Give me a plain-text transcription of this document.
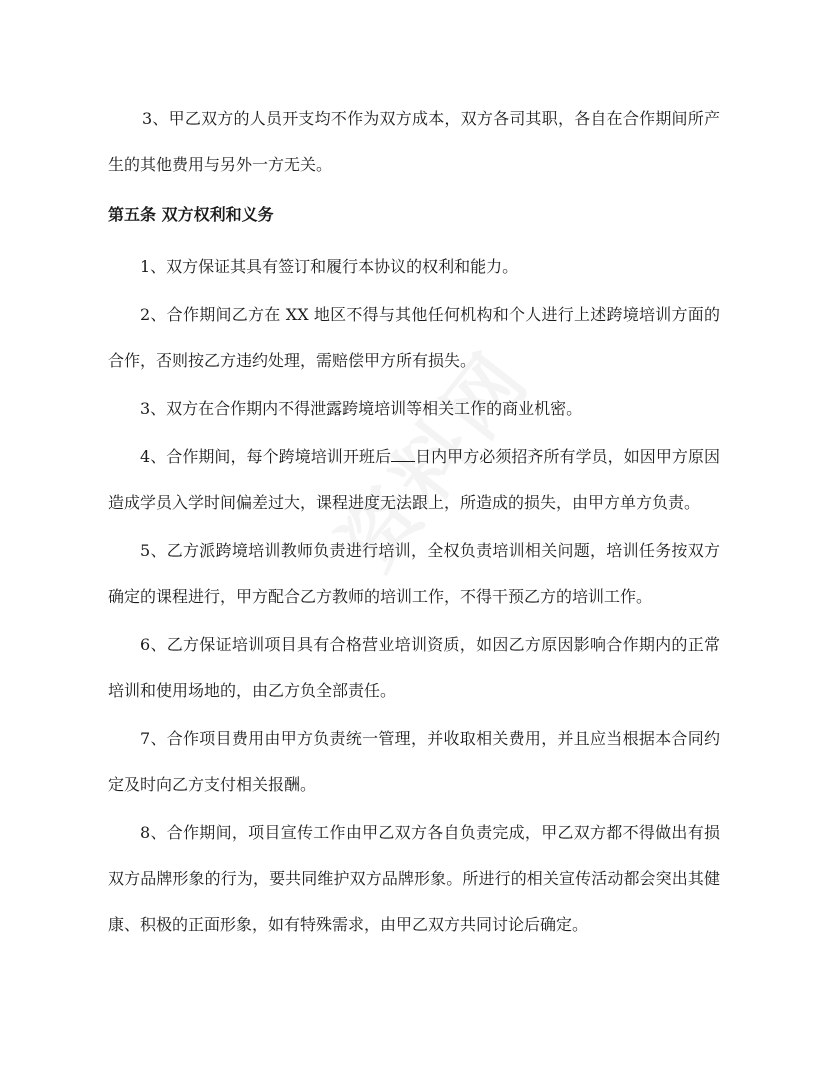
3、甲乙双方的人员开支均不作为双方成本，双方各司其职，各自在合作期间所产生的其他费用与另外一方无关。

第五条 双方权利和义务

1、双方保证其具有签订和履行本协议的权利和能力。

2、合作期间乙方在 XX 地区不得与其他任何机构和个人进行上述跨境培训方面的合作，否则按乙方违约处理，需赔偿甲方所有损失。

3、双方在合作期内不得泄露跨境培训等相关工作的商业机密。

4、合作期间，每个跨境培训开班后 日内甲方必须招齐所有学员，如因甲方原因造成学员入学时间偏差过大，课程进度无法跟上，所造成的损失，由甲方单方负责。

5、乙方派跨境培训教师负责进行培训，全权负责培训相关问题，培训任务按双方确定的课程进行，甲方配合乙方教师的培训工作，不得干预乙方的培训工作。

6、乙方保证培训项目具有合格营业培训资质，如因乙方原因影响合作期内的正常培训和使用场地的，由乙方负全部责任。

7、合作项目费用由甲方负责统一管理，并收取相关费用，并且应当根据本合同约定及时向乙方支付相关报酬。

8、合作期间，项目宣传工作由甲乙双方各自负责完成，甲乙双方都不得做出有损双方品牌形象的行为，要共同维护双方品牌形象。所进行的相关宣传活动都会突出其健康、积极的正面形象，如有特殊需求，由甲乙双方共同讨论后确定。
